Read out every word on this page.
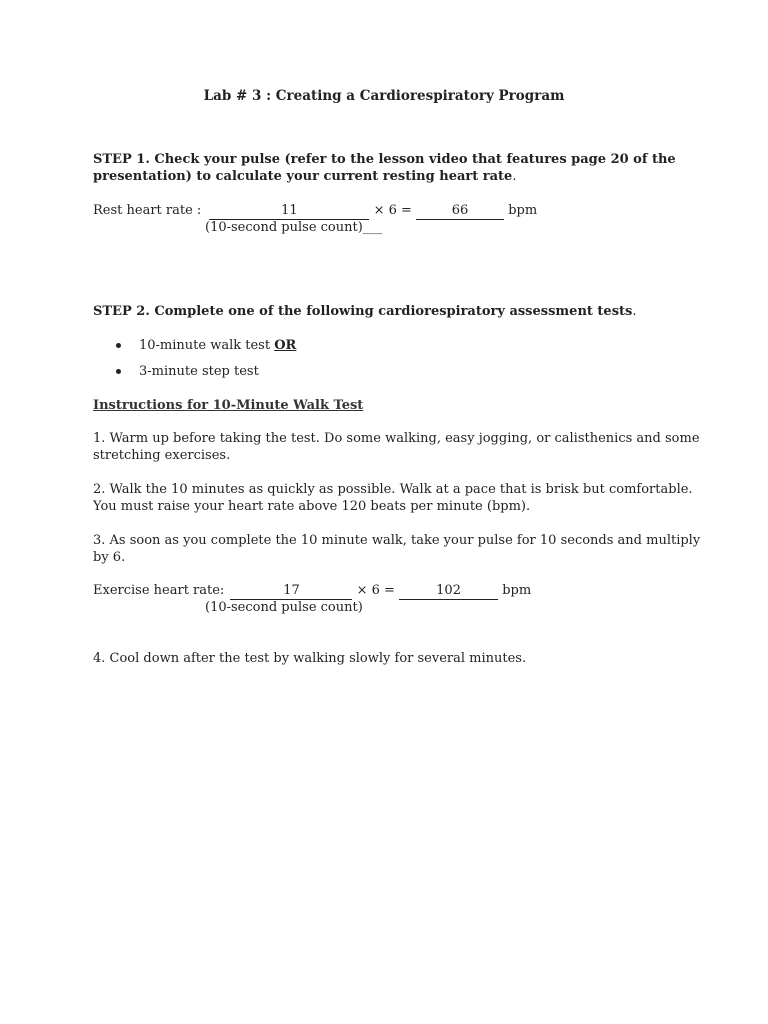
Lab # 3 : Creating a Cardiorespiratory Program
STEP 1. Check your pulse (refer to the lesson video that features page 20 of the
presentation) to calculate your current resting heart rate.
Rest heart rate :	11	× 6 =	66	bpm
(10-second pulse count)___
STEP 2. Complete one of the following cardiorespiratory assessment tests.
10-minute walk test OR
3-minute step test
Instructions for 10-Minute Walk Test
1. Warm up before taking the test. Do some walking, easy jogging, or calisthenics and some
stretching exercises.
2. Walk the 10 minutes as quickly as possible. Walk at a pace that is brisk but comfortable.
You must raise your heart rate above 120 beats per minute (bpm).
3. As soon as you complete the 10 minute walk, take your pulse for 10 seconds and multiply
by 6.
Exercise heart rate:	17	× 6 =	102	bpm
(10-second pulse count)
4. Cool down after the test by walking slowly for several minutes.
